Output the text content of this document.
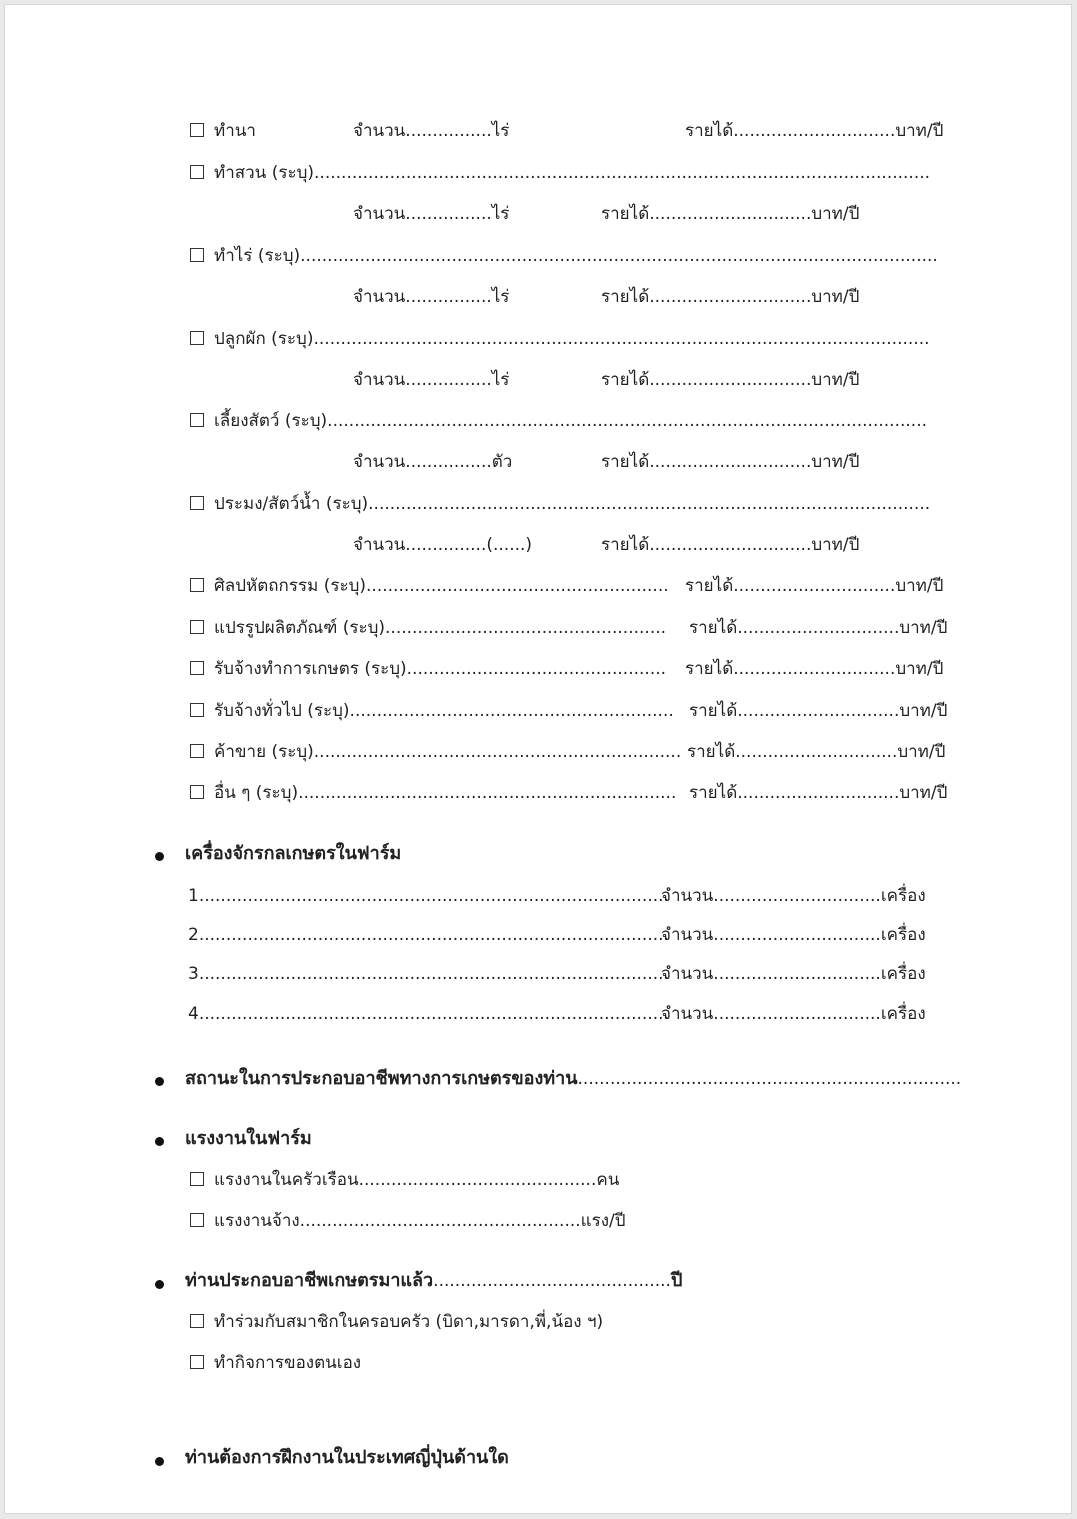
ทำนา	จำนวน................ไร่	รายได้..............................บาท/ปี
ทำสวน (ระบุ)..................................................................................................................
จำนวน................ไร่	รายได้..............................บาท/ปี
ทำไร่ (ระบุ)......................................................................................................................
จำนวน................ไร่	รายได้..............................บาท/ปี
ปลูกผัก (ระบุ)..................................................................................................................
จำนวน................ไร่	รายได้..............................บาท/ปี
เลี้ยงสัตว์ (ระบุ)...............................................................................................................
จำนวน................ตัว	รายได้..............................บาท/ปี
ประมง/สัตว์น้ำ (ระบุ)........................................................................................................
จำนวน...............(......)	รายได้..............................บาท/ปี
ศิลปหัตถกรรม (ระบุ)........................................................ รายได้..............................บาท/ปี
แปรรูปผลิตภัณฑ์ (ระบุ).................................................... รายได้..............................บาท/ปี
รับจ้างทำการเกษตร (ระบุ)................................................ รายได้..............................บาท/ปี
รับจ้างทั่วไป (ระบุ)............................................................ รายได้..............................บาท/ปี
ค้าขาย (ระบุ).................................................................... รายได้..............................บาท/ปี
อื่น ๆ (ระบุ)...................................................................... รายได้..............................บาท/ปี
เครื่องจักรกลเกษตรในฟาร์ม
1.......................................................................................
จำนวน...............................เครื่อง
2.......................................................................................
จำนวน...............................เครื่อง
3.......................................................................................
จำนวน...............................เครื่อง
4.......................................................................................
จำนวน...............................เครื่อง
สถานะในการประกอบอาชีพทางการเกษตรของท่าน.......................................................................
แรงงานในฟาร์ม
แรงงานในครัวเรือน............................................คน
แรงงานจ้าง....................................................แรง/ปี
ท่านประกอบอาชีพเกษตรมาแล้ว............................................ปี
ทำร่วมกับสมาชิกในครอบครัว (บิดา,มารดา,พี่,น้อง ฯ)
ทำกิจการของตนเอง
ท่านต้องการฝึกงานในประเทศญี่ปุ่นด้านใด
